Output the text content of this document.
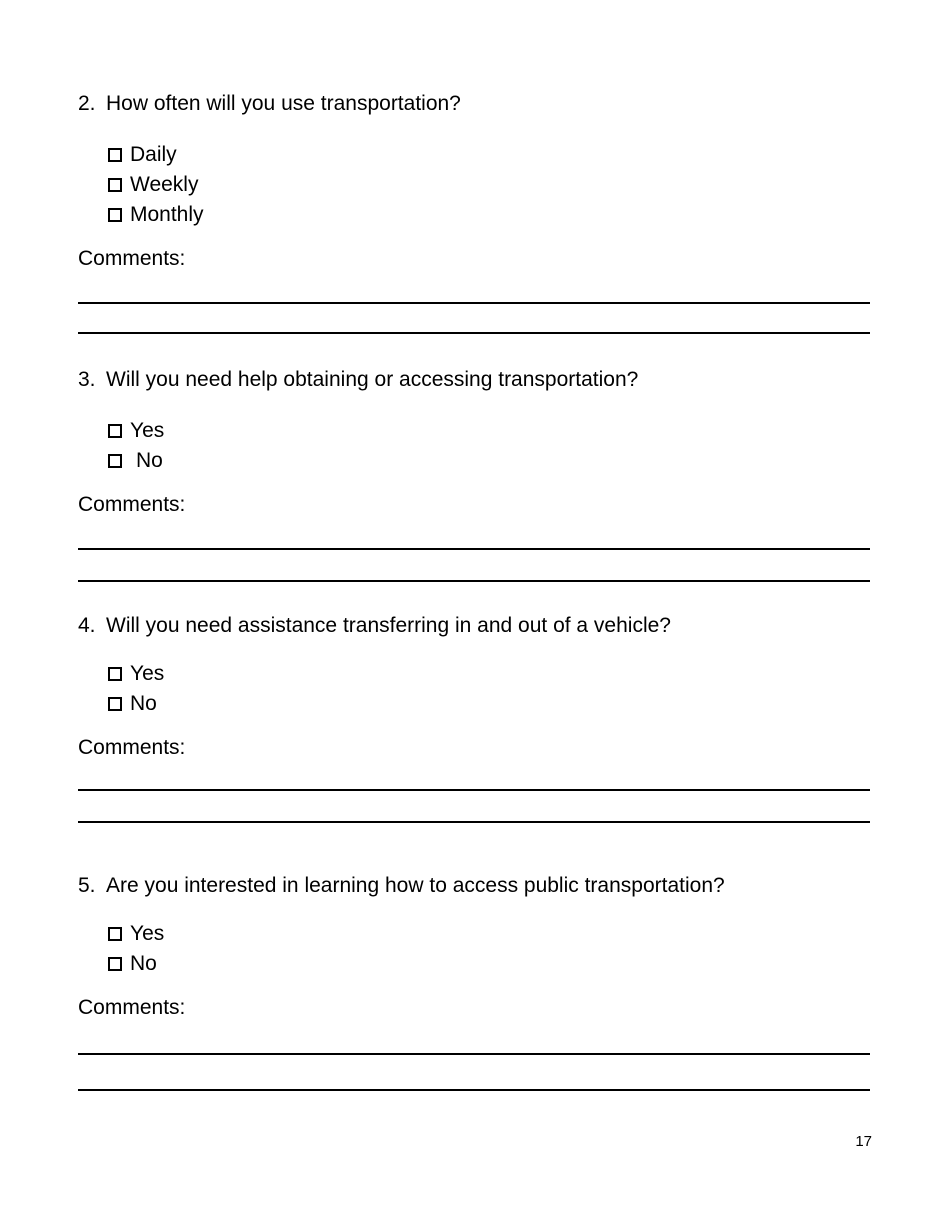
2. How often will you use transportation?
Daily
Weekly
Monthly
Comments:
3. Will you need help obtaining or accessing transportation?
Yes
No
Comments:
4. Will you need assistance transferring in and out of a vehicle?
Yes
No
Comments:
5. Are you interested in learning how to access public transportation?
Yes
No
Comments:
17
